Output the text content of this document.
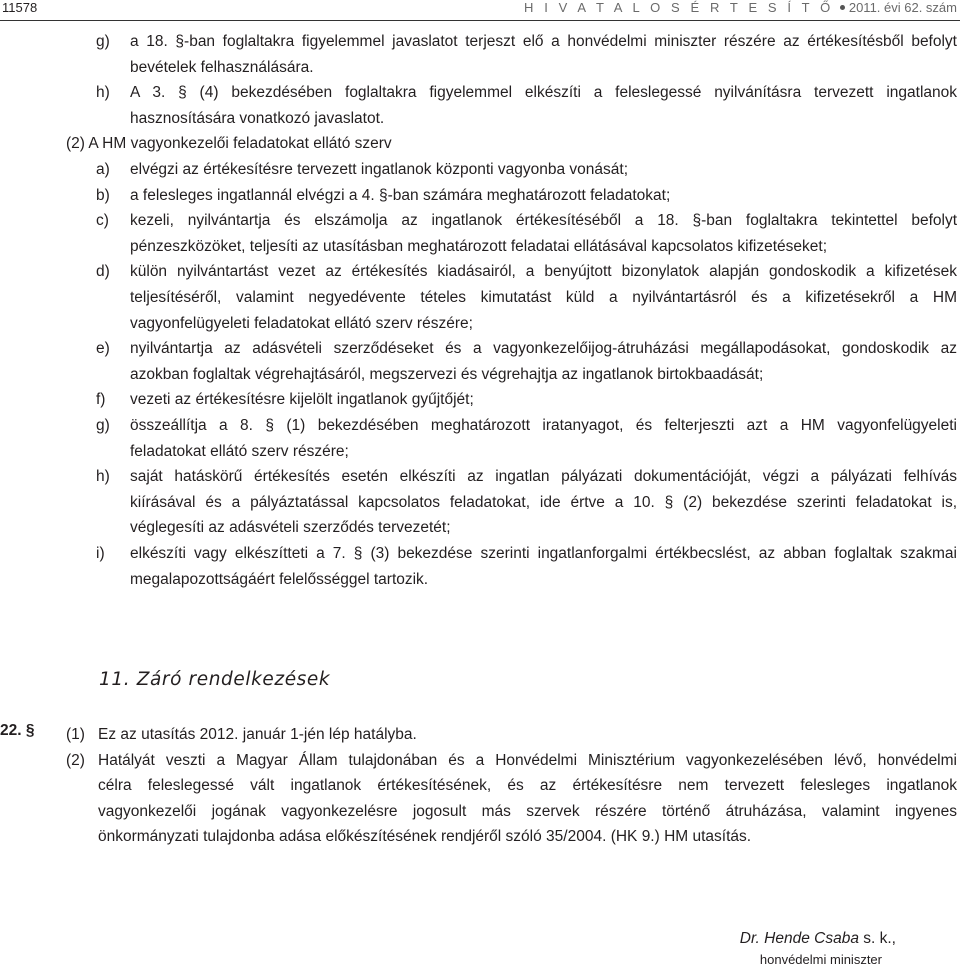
11578	H I V A T A L O S É R T E S Í T Ő 2011. évi 62. szám
g) a 18. §-ban foglaltakra figyelemmel javaslatot terjeszt elő a honvédelmi miniszter részére az értékesítésből befolyt
bevételek felhasználására.
h) A 3. § (4) bekezdésében foglaltakra figyelemmel elkészíti a feleslegessé nyilvánításra tervezett ingatlanok
hasznosítására vonatkozó javaslatot.
(2) A HM vagyonkezelői feladatokat ellátó szerv
a) elvégzi az értékesítésre tervezett ingatlanok központi vagyonba vonását;
b) a felesleges ingatlannál elvégzi a 4. §-ban számára meghatározott feladatokat;
c) kezeli, nyilvántartja és elszámolja az ingatlanok értékesítéséből a 18. §-ban foglaltakra tekintettel befolyt
pénzeszközöket, teljesíti az utasításban meghatározott feladatai ellátásával kapcsolatos kifizetéseket;
d) külön nyilvántartást vezet az értékesítés kiadásairól, a benyújtott bizonylatok alapján gondoskodik a kifizetések
teljesítéséről, valamint negyedévente tételes kimutatást küld a nyilvántartásról és a kifizetésekről a HM
vagyonfelügyeleti feladatokat ellátó szerv részére;
e) nyilvántartja az adásvételi szerződéseket és a vagyonkezelőijog-átruházási megállapodásokat, gondoskodik az
azokban foglaltak végrehajtásáról, megszervezi és végrehajtja az ingatlanok birtokbaadását;
f) vezeti az értékesítésre kijelölt ingatlanok gyűjtőjét;
g) összeállítja a 8. § (1) bekezdésében meghatározott iratanyagot, és felterjeszti azt a HM vagyonfelügyeleti
feladatokat ellátó szerv részére;
h) saját hatáskörű értékesítés esetén elkészíti az ingatlan pályázati dokumentációját, végzi a pályázati felhívás
kiírásával és a pályáztatással kapcsolatos feladatokat, ide értve a 10. § (2) bekezdése szerinti feladatokat is,
véglegesíti az adásvételi szerződés tervezetét;
i) elkészíti vagy elkészítteti a 7. § (3) bekezdése szerinti ingatlanforgalmi értékbecslést, az abban foglaltak szakmai
megalapozottságáért felelősséggel tartozik.
(1) Ez az utasítás 2012. január 1-jén lép hatályba.
(2) Hatályát veszti a Magyar Állam tulajdonában és a Honvédelmi Minisztérium vagyonkezelésében lévő, honvédelmi
célra feleslegessé vált ingatlanok értékesítésének, és az értékesítésre nem tervezett felesleges ingatlanok
vagyonkezelői jogának vagyonkezelésre jogosult más szervek részére történő átruházása, valamint ingyenes
önkormányzati tulajdonba adása előkészítésének rendjéről szóló 35/2004. (HK 9.) HM utasítás.
11. Záró rendelkezések
Dr. Hende Csaba s. k.,
honvédelmi miniszter
22. §
